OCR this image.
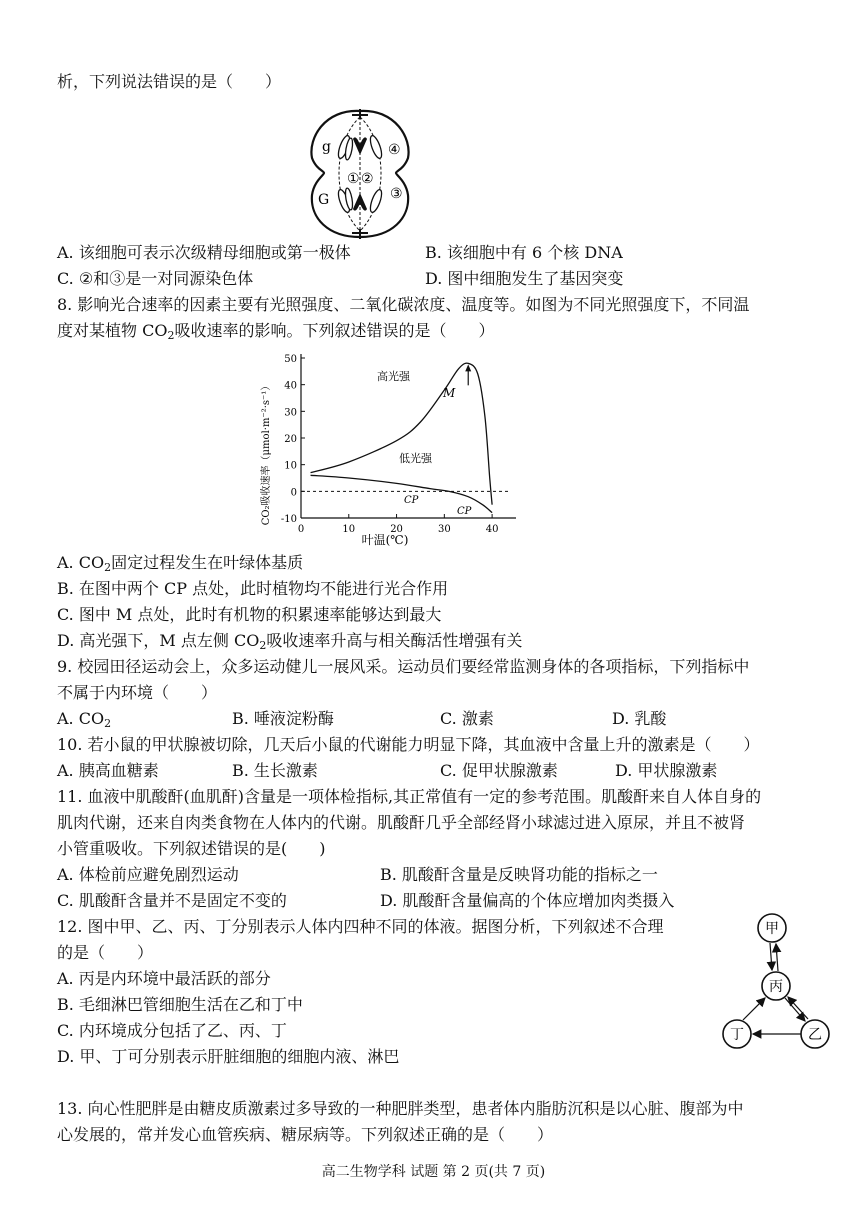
析，下列说法错误的是（　　）
g
G
① ②
③
④
A. 该细胞可表示次级精母细胞或第一极体	B. 该细胞中有 6 个核 DNA
C. ②和③是一对同源染色体	D. 图中细胞发生了基因突变
8. 影响光合速率的因素主要有光照强度、二氧化碳浓度、温度等。如图为不同光照强度下，不同温
度对某植物 $CO_2$吸收速率的影响。下列叙述错误的是（　　）
-10
0
10
20
30
40
50
0	10	20	30	40
CO₂吸收速率（μmol·m⁻²·s⁻¹）
叶温(℃)
高光强
低光强
M
CP
CP
A. $CO_2$固定过程发生在叶绿体基质
B. 在图中两个 CP 点处，此时植物均不能进行光合作用
C. 图中 M 点处，此时有机物的积累速率能够达到最大
D. 高光强下，M 点左侧 $CO_2$吸收速率升高与相关酶活性增强有关
9. 校园田径运动会上，众多运动健儿一展风采。运动员们要经常监测身体的各项指标，下列指标中
不属于内环境（　　）
A. $CO_2$	B. 唾液淀粉酶	C. 激素	D. 乳酸
10. 若小鼠的甲状腺被切除，几天后小鼠的代谢能力明显下降，其血液中含量上升的激素是（　　）
A. 胰高血糖素	B. 生长激素	C. 促甲状腺激素	D. 甲状腺激素
11. 血液中肌酸酐(血肌酐)含量是一项体检指标,其正常值有一定的参考范围。肌酸酐来自人体自身的
肌肉代谢，还来自肉类食物在人体内的代谢。肌酸酐几乎全部经肾小球滤过进入原尿，并且不被肾
小管重吸收。下列叙述错误的是(　　)
A. 体检前应避免剧烈运动	B. 肌酸酐含量是反映肾功能的指标之一
C. 肌酸酐含量并不是固定不变的	D. 肌酸酐含量偏高的个体应增加肉类摄入
12. 图中甲、乙、丙、丁分别表示人体内四种不同的体液。据图分析，下列叙述不合理
的是（　　）
A. 丙是内环境中最活跃的部分
B. 毛细淋巴管细胞生活在乙和丁中
C. 内环境成分包括了乙、丙、丁
D. 甲、丁可分别表示肝脏细胞的细胞内液、淋巴
甲
丙
丁	乙
13. 向心性肥胖是由糖皮质激素过多导致的一种肥胖类型，患者体内脂肪沉积是以心脏、腹部为中
心发展的，常并发心血管疾病、糖尿病等。下列叙述正确的是（　　）
高二生物学科 试题 第 2 页(共 7 页)
